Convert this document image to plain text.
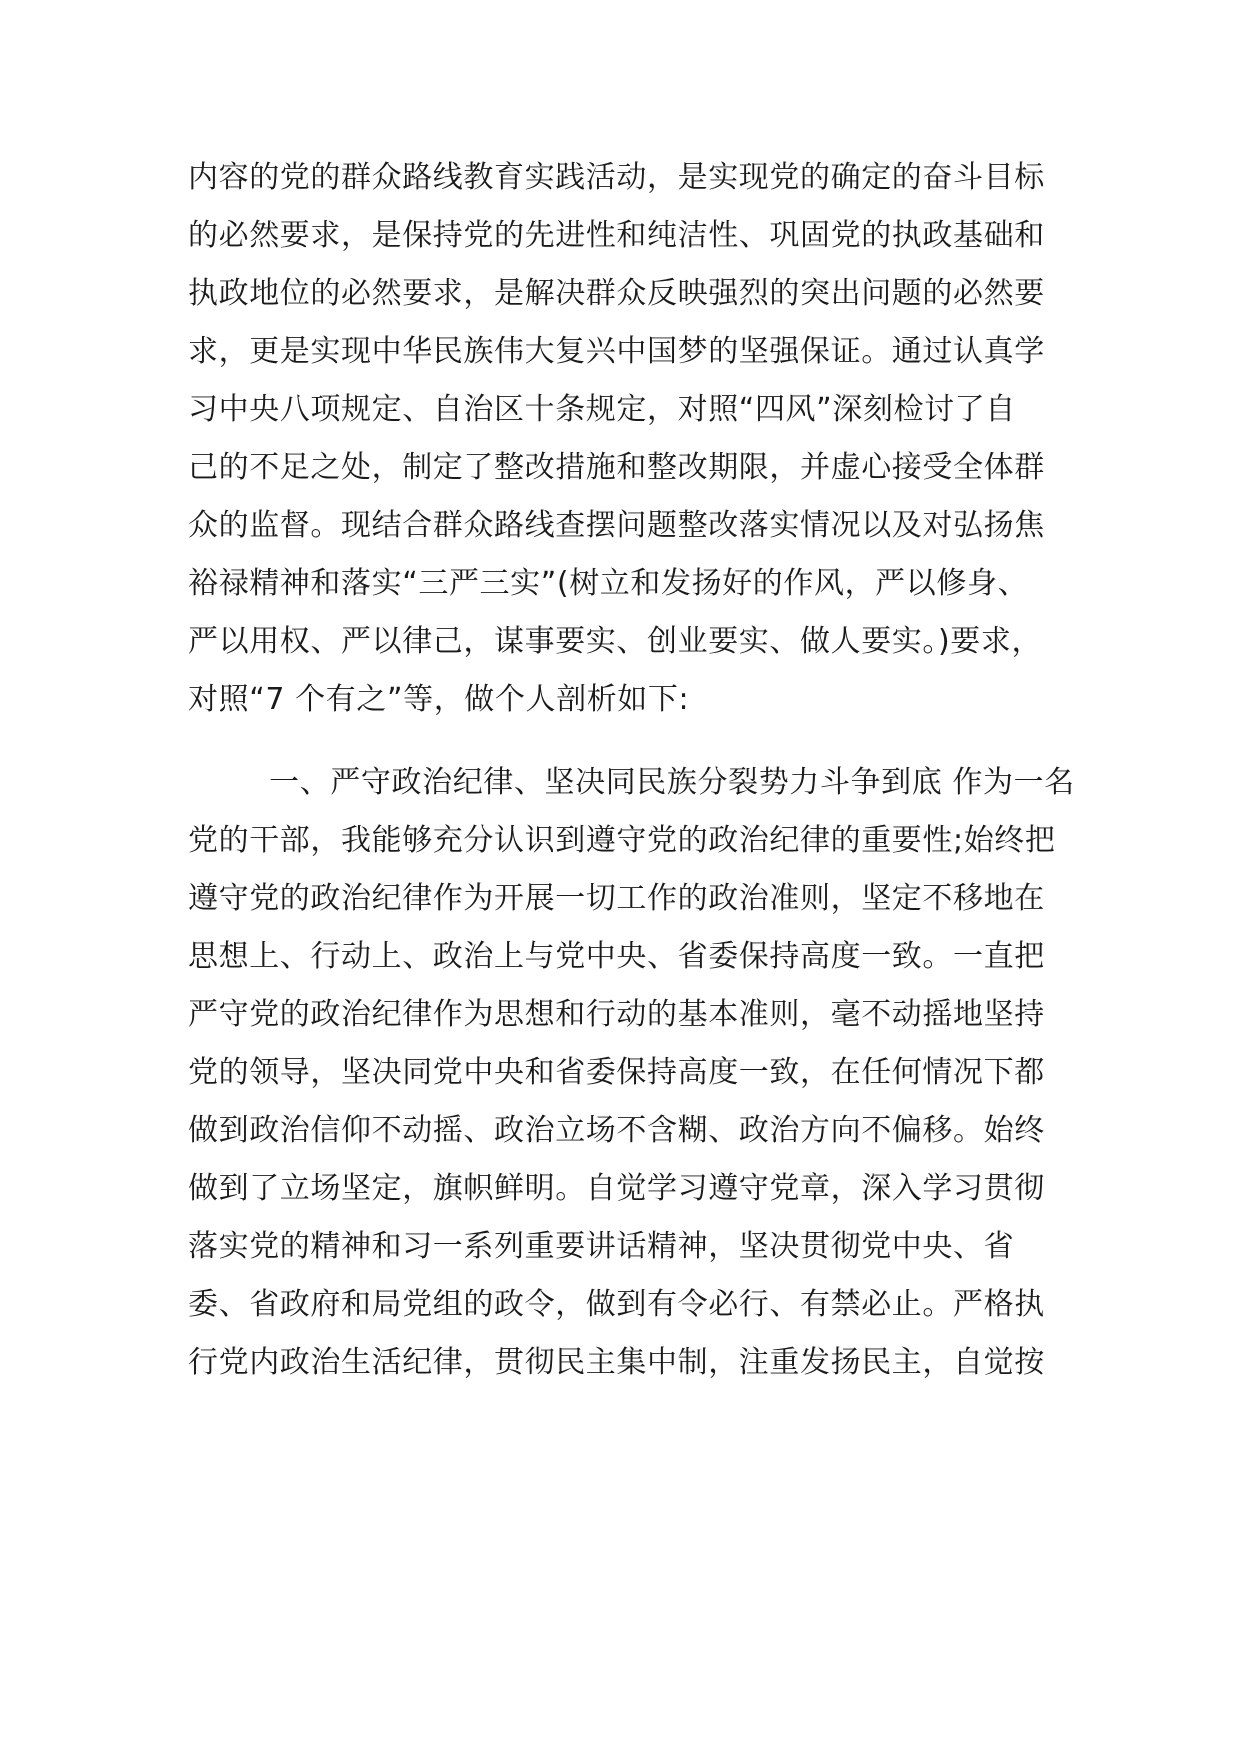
内容的党的群众路线教育实践活动，是实现党的确定的奋斗目标

的必然要求，是保持党的先进性和纯洁性、巩固党的执政基础和

执政地位的必然要求，是解决群众反映强烈的突出问题的必然要

求，更是实现中华民族伟大复兴中国梦的坚强保证。通过认真学

习中央八项规定、自治区十条规定，对照“四风”深刻检讨了自

己的不足之处，制定了整改措施和整改期限，并虚心接受全体群

众的监督。现结合群众路线查摆问题整改落实情况以及对弘扬焦

裕禄精神和落实“三严三实”(树立和发扬好的作风，严以修身、

严以用权、严以律己，谋事要实、创业要实、做人要实。)要求，

对照“7 个有之”等，做个人剖析如下:

一、严守政治纪律、坚决同民族分裂势力斗争到底 作为一名

党的干部，我能够充分认识到遵守党的政治纪律的重要性;始终把

遵守党的政治纪律作为开展一切工作的政治准则，坚定不移地在

思想上、行动上、政治上与党中央、省委保持高度一致。一直把

严守党的政治纪律作为思想和行动的基本准则，毫不动摇地坚持

党的领导，坚决同党中央和省委保持高度一致，在任何情况下都

做到政治信仰不动摇、政治立场不含糊、政治方向不偏移。始终

做到了立场坚定，旗帜鲜明。自觉学习遵守党章，深入学习贯彻

落实党的精神和习一系列重要讲话精神，坚决贯彻党中央、省

委、省政府和局党组的政令，做到有令必行、有禁必止。严格执

行党内政治生活纪律，贯彻民主集中制，注重发扬民主，自觉按
